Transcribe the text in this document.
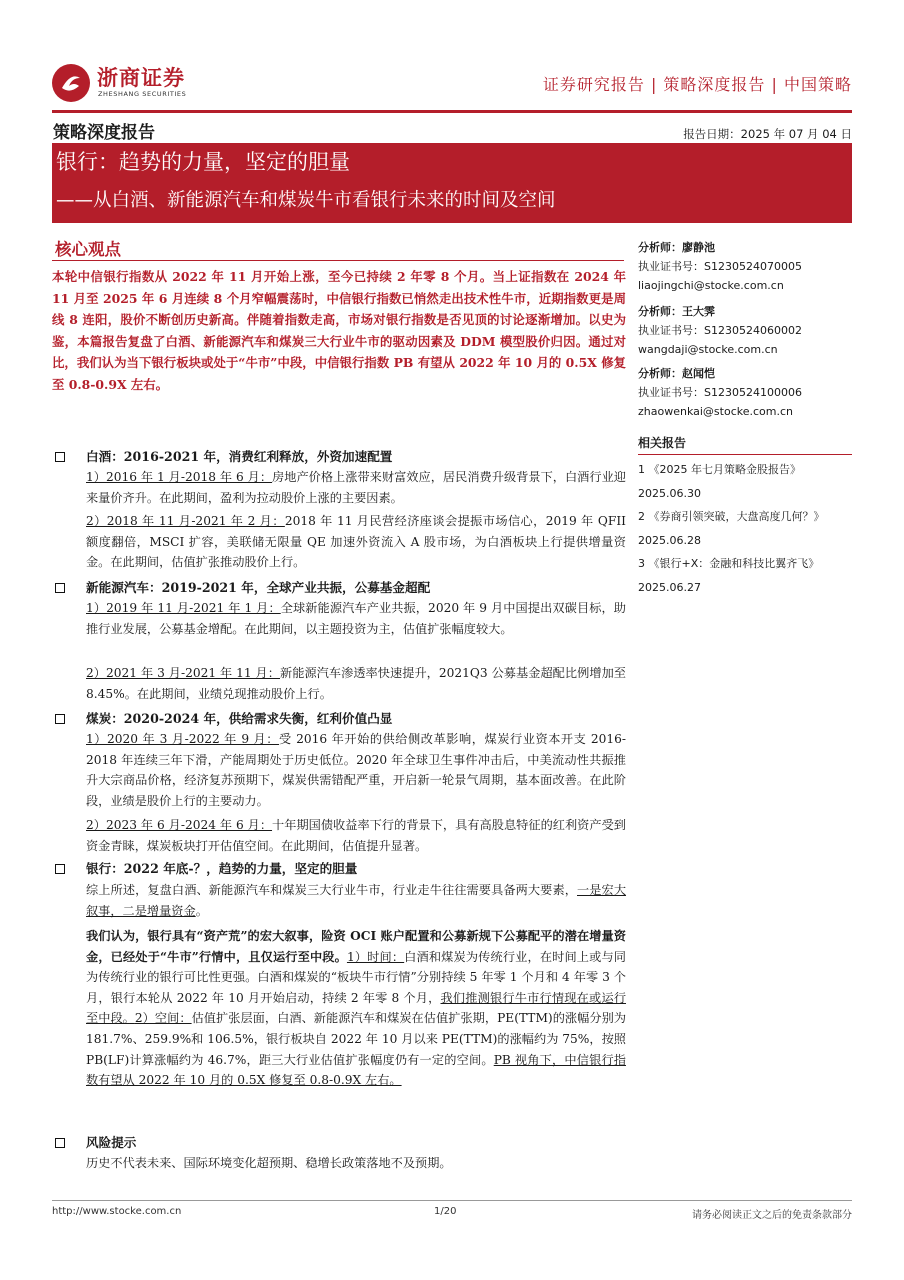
浙商证券
ZHESHANG SECURITIES	证券研究报告 | 策略深度报告 | 中国策略
策略深度报告	报告日期：2025 年 07 月 04 日
银行：趋势的力量，坚定的胆量
——从白酒、新能源汽车和煤炭牛市看银行未来的时间及空间
核心观点
本轮中信银行指数从 2022 年 11 月开始上涨，至今已持续 2 年零 8 个月。当上证指数在 2024 年 11 月至 2025 年 6 月连续 8 个月窄幅震荡时，中信银行指数已悄然走出技术性牛市，近期指数更是周线 8 连阳，股价不断创历史新高。伴随着指数走高，市场对银行指数是否见顶的讨论逐渐增加。以史为鉴，本篇报告复盘了白酒、新能源汽车和煤炭三大行业牛市的驱动因素及 DDM 模型股价归因。通过对比，我们认为当下银行板块或处于“牛市”中段，中信银行指数 PB 有望从 2022 年 10 月的 0.5X 修复至 0.8-0.9X 左右。
白酒：2016-2021 年，消费红利释放，外资加速配置
1）2016 年 1 月-2018 年 6 月：房地产价格上涨带来财富效应，居民消费升级背景下，白酒行业迎来量价齐升。在此期间，盈利为拉动股价上涨的主要因素。
2）2018 年 11 月-2021 年 2 月：2018 年 11 月民营经济座谈会提振市场信心，2019 年 QFII 额度翻倍，MSCI 扩容，美联储无限量 QE 加速外资流入 A 股市场，为白酒板块上行提供增量资金。在此期间，估值扩张推动股价上行。
新能源汽车：2019-2021 年，全球产业共振，公募基金超配
1）2019 年 11 月-2021 年 1 月：全球新能源汽车产业共振，2020 年 9 月中国提出双碳目标，助推行业发展，公募基金增配。在此期间，以主题投资为主，估值扩张幅度较大。
2）2021 年 3 月-2021 年 11 月：新能源汽车渗透率快速提升，2021Q3 公募基金超配比例增加至 8.45%。在此期间，业绩兑现推动股价上行。
煤炭：2020-2024 年，供给需求失衡，红利价值凸显
1）2020 年 3 月-2022 年 9 月：受 2016 年开始的供给侧改革影响，煤炭行业资本开支 2016-2018 年连续三年下滑，产能周期处于历史低位。2020 年全球卫生事件冲击后，中美流动性共振推升大宗商品价格，经济复苏预期下，煤炭供需错配严重，开启新一轮景气周期，基本面改善。在此阶段，业绩是股价上行的主要动力。
2）2023 年 6 月-2024 年 6 月：十年期国债收益率下行的背景下，具有高股息特征的红利资产受到资金青睐，煤炭板块打开估值空间。在此期间，估值提升显著。
银行：2022 年底-？，趋势的力量，坚定的胆量
综上所述，复盘白酒、新能源汽车和煤炭三大行业牛市，行业走牛往往需要具备两大要素，一是宏大叙事，二是增量资金。
我们认为，银行具有“资产荒”的宏大叙事，险资 OCI 账户配置和公募新规下公募配平的潜在增量资金，已经处于“牛市”行情中，且仅运行至中段。1）时间：白酒和煤炭为传统行业，在时间上或与同为传统行业的银行可比性更强。白酒和煤炭的“板块牛市行情”分别持续 5 年零 1 个月和 4 年零 3 个月，银行本轮从 2022 年 10 月开始启动，持续 2 年零 8 个月，我们推测银行牛市行情现在或运行至中段。2）空间：估值扩张层面，白酒、新能源汽车和煤炭在估值扩张期，PE(TTM)的涨幅分别为 181.7%、259.9%和 106.5%，银行板块自 2022 年 10 月以来 PE(TTM)的涨幅约为 75%，按照 PB(LF)计算涨幅约为 46.7%，距三大行业估值扩张幅度仍有一定的空间。PB 视角下，中信银行指数有望从 2022 年 10 月的 0.5X 修复至 0.8-0.9X 左右。
风险提示
历史不代表未来、国际环境变化超预期、稳增长政策落地不及预期。
分析师：廖静池
执业证书号：S1230524070005
liaojingchi@stocke.com.cn
分析师：王大霁
执业证书号：S1230524060002
wangdaji@stocke.com.cn
分析师：赵闻恺
执业证书号：S1230524100006
zhaowenkai@stocke.com.cn
相关报告
1 《2025 年七月策略金股报告》
2025.06.30
2 《券商引领突破，大盘高度几何？》 2025.06.28
3 《银行+X：金融和科技比翼齐飞》 2025.06.27
http://www.stocke.com.cn	1/20	请务必阅读正文之后的免责条款部分
